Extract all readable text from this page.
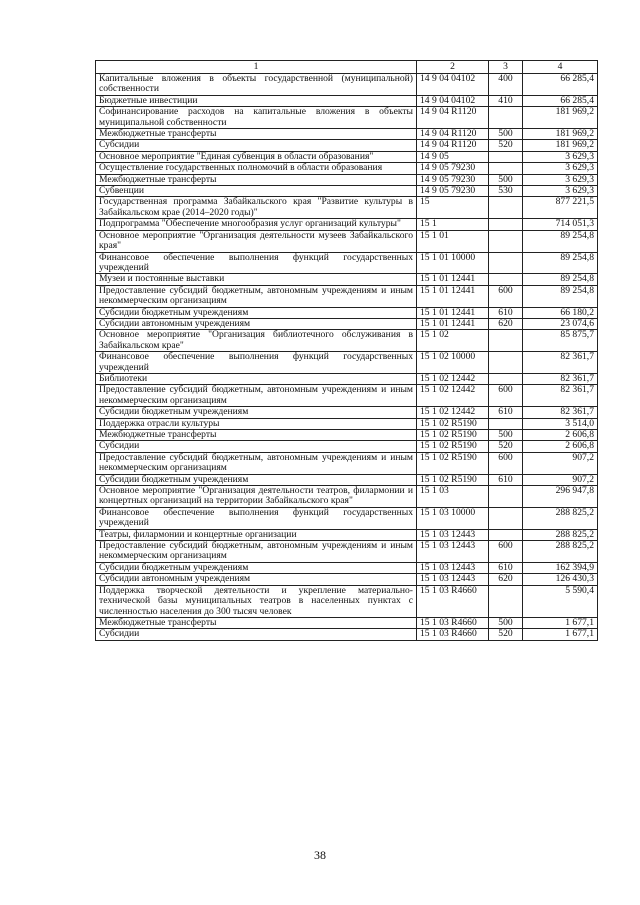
1	2	3	4
Капитальные вложения в объекты государственной (муниципальной) собственности	14 9 04 04102	400	66 285,4
Бюджетные инвестиции	14 9 04 04102	410	66 285,4
Софинансирование расходов на капитальные вложения в объекты муниципальной собственности	14 9 04 R1120		181 969,2
Межбюджетные трансферты	14 9 04 R1120	500	181 969,2
Субсидии	14 9 04 R1120	520	181 969,2
Основное мероприятие "Единая субвенция в области образования"	14 9 05		3 629,3
Осуществление государственных полномочий в области образования	14 9 05 79230		3 629,3
Межбюджетные трансферты	14 9 05 79230	500	3 629,3
Субвенции	14 9 05 79230	530	3 629,3
Государственная программа Забайкальского края "Развитие культуры в Забайкальском крае (2014–2020 годы)"	15		877 221,5
Подпрограмма "Обеспечение многообразия услуг организаций культуры"	15 1		714 051,3
Основное мероприятие "Организация деятельности музеев Забайкальского края"	15 1 01		89 254,8
Финансовое обеспечение выполнения функций государственных учреждений	15 1 01 10000		89 254,8
Музеи и постоянные выставки	15 1 01 12441		89 254,8
Предоставление субсидий бюджетным, автономным учреждениям и иным некоммерческим организациям	15 1 01 12441	600	89 254,8
Субсидии бюджетным учреждениям	15 1 01 12441	610	66 180,2
Субсидии автономным учреждениям	15 1 01 12441	620	23 074,6
Основное мероприятие "Организация библиотечного обслуживания в Забайкальском крае"	15 1 02		85 875,7
Финансовое обеспечение выполнения функций государственных учреждений	15 1 02 10000		82 361,7
Библиотеки	15 1 02 12442		82 361,7
Предоставление субсидий бюджетным, автономным учреждениям и иным некоммерческим организациям	15 1 02 12442	600	82 361,7
Субсидии бюджетным учреждениям	15 1 02 12442	610	82 361,7
Поддержка отрасли культуры	15 1 02 R5190		3 514,0
Межбюджетные трансферты	15 1 02 R5190	500	2 606,8
Субсидии	15 1 02 R5190	520	2 606,8
Предоставление субсидий бюджетным, автономным учреждениям и иным некоммерческим организациям	15 1 02 R5190	600	907,2
Субсидии бюджетным учреждениям	15 1 02 R5190	610	907,2
Основное мероприятие "Организация деятельности театров, филармонии и концертных организаций на территории Забайкальского края"	15 1 03		296 947,8
Финансовое обеспечение выполнения функций государственных учреждений	15 1 03 10000		288 825,2
Театры, филармонии и концертные организации	15 1 03 12443		288 825,2
Предоставление субсидий бюджетным, автономным учреждениям и иным некоммерческим организациям	15 1 03 12443	600	288 825,2
Субсидии бюджетным учреждениям	15 1 03 12443	610	162 394,9
Субсидии автономным учреждениям	15 1 03 12443	620	126 430,3
Поддержка творческой деятельности и укрепление материально-технической базы муниципальных театров в населенных пунктах с численностью населения до 300 тысяч человек	15 1 03 R4660		5 590,4
Межбюджетные трансферты	15 1 03 R4660	500	1 677,1
Субсидии	15 1 03 R4660	520	1 677,1
38
